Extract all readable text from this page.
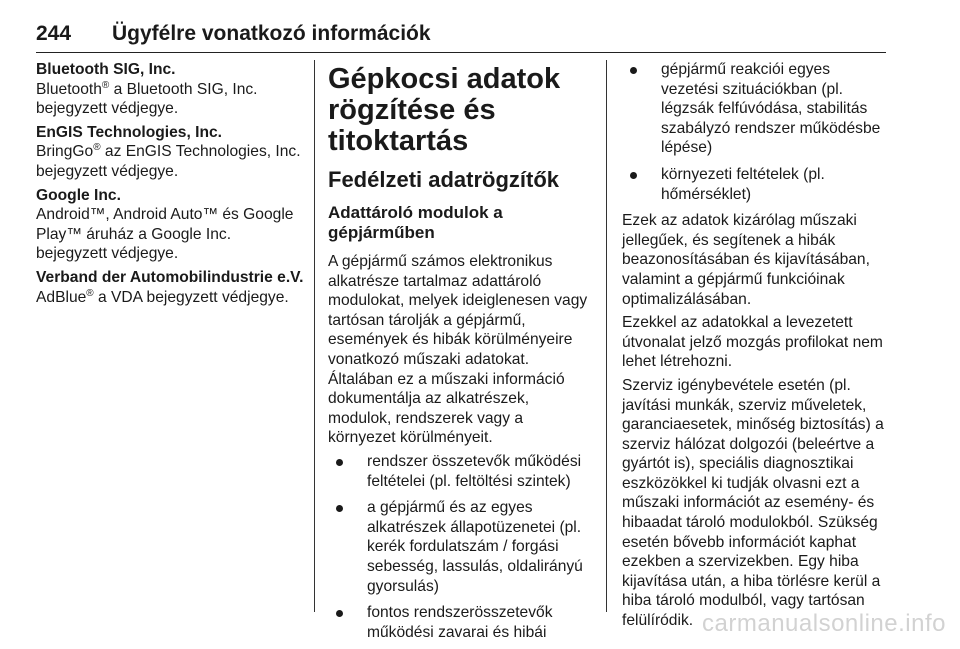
244	Ügyfélre vonatkozó információk
Bluetooth SIG, Inc.

Bluetooth® a Bluetooth SIG, Inc. bejegyzett védjegye.

EnGIS Technologies, Inc.

BringGo® az EnGIS Technologies, Inc. bejegyzett védjegye.

Google Inc.

Android™, Android Auto™ és Google Play™ áruház a Google Inc. bejegyzett védjegye.

Verband der Automobilindustrie e.V.

AdBlue® a VDA bejegyzett védjegye.

Gépkocsi adatok rögzítése és titoktartás
Fedélzeti adatrögzítők
Adattároló modulok a gépjárműben

A gépjármű számos elektronikus alkatrésze tartalmaz adattároló modulokat, melyek ideiglenesen vagy tartósan tárolják a gépjármű, események és hibák körülményeire vonatkozó műszaki adatokat. Általában ez a műszaki információ dokumentálja az alkatrészek, modulok, rendszerek vagy a környezet körülményeit.

rendszer összetevők működési feltételei (pl. feltöltési szintek)
a gépjármű és az egyes alkatrészek állapotüzenetei (pl. kerék fordulatszám / forgási sebesség, lassulás, oldalirányú gyorsulás)
fontos rendszerösszetevők működési zavarai és hibái
gépjármű reakciói egyes vezetési szituációkban (pl. légzsák felfúvódása, stabilitás szabályzó rendszer működésbe lépése)
környezeti feltételek (pl. hőmérséklet)

Ezek az adatok kizárólag műszaki jellegűek, és segítenek a hibák beazonosításában és kijavításában, valamint a gépjármű funkcióinak optimalizálásában.

Ezekkel az adatokkal a levezetett útvonalat jelző mozgás profilokat nem lehet létrehozni.

Szerviz igénybevétele esetén (pl. javítási munkák, szerviz műveletek, garanciaesetek, minőség biztosítás) a szerviz hálózat dolgozói (beleértve a gyártót is), speciális diagnosztikai eszközökkel ki tudják olvasni ezt a műszaki információt az esemény- és hibaadat tároló modulokból. Szükség esetén bővebb információt kaphat ezekben a szervizekben. Egy hiba kijavítása után, a hiba törlésre kerül a hiba tároló modulból, vagy tartósan felülíródik. carmanualsonline.info
